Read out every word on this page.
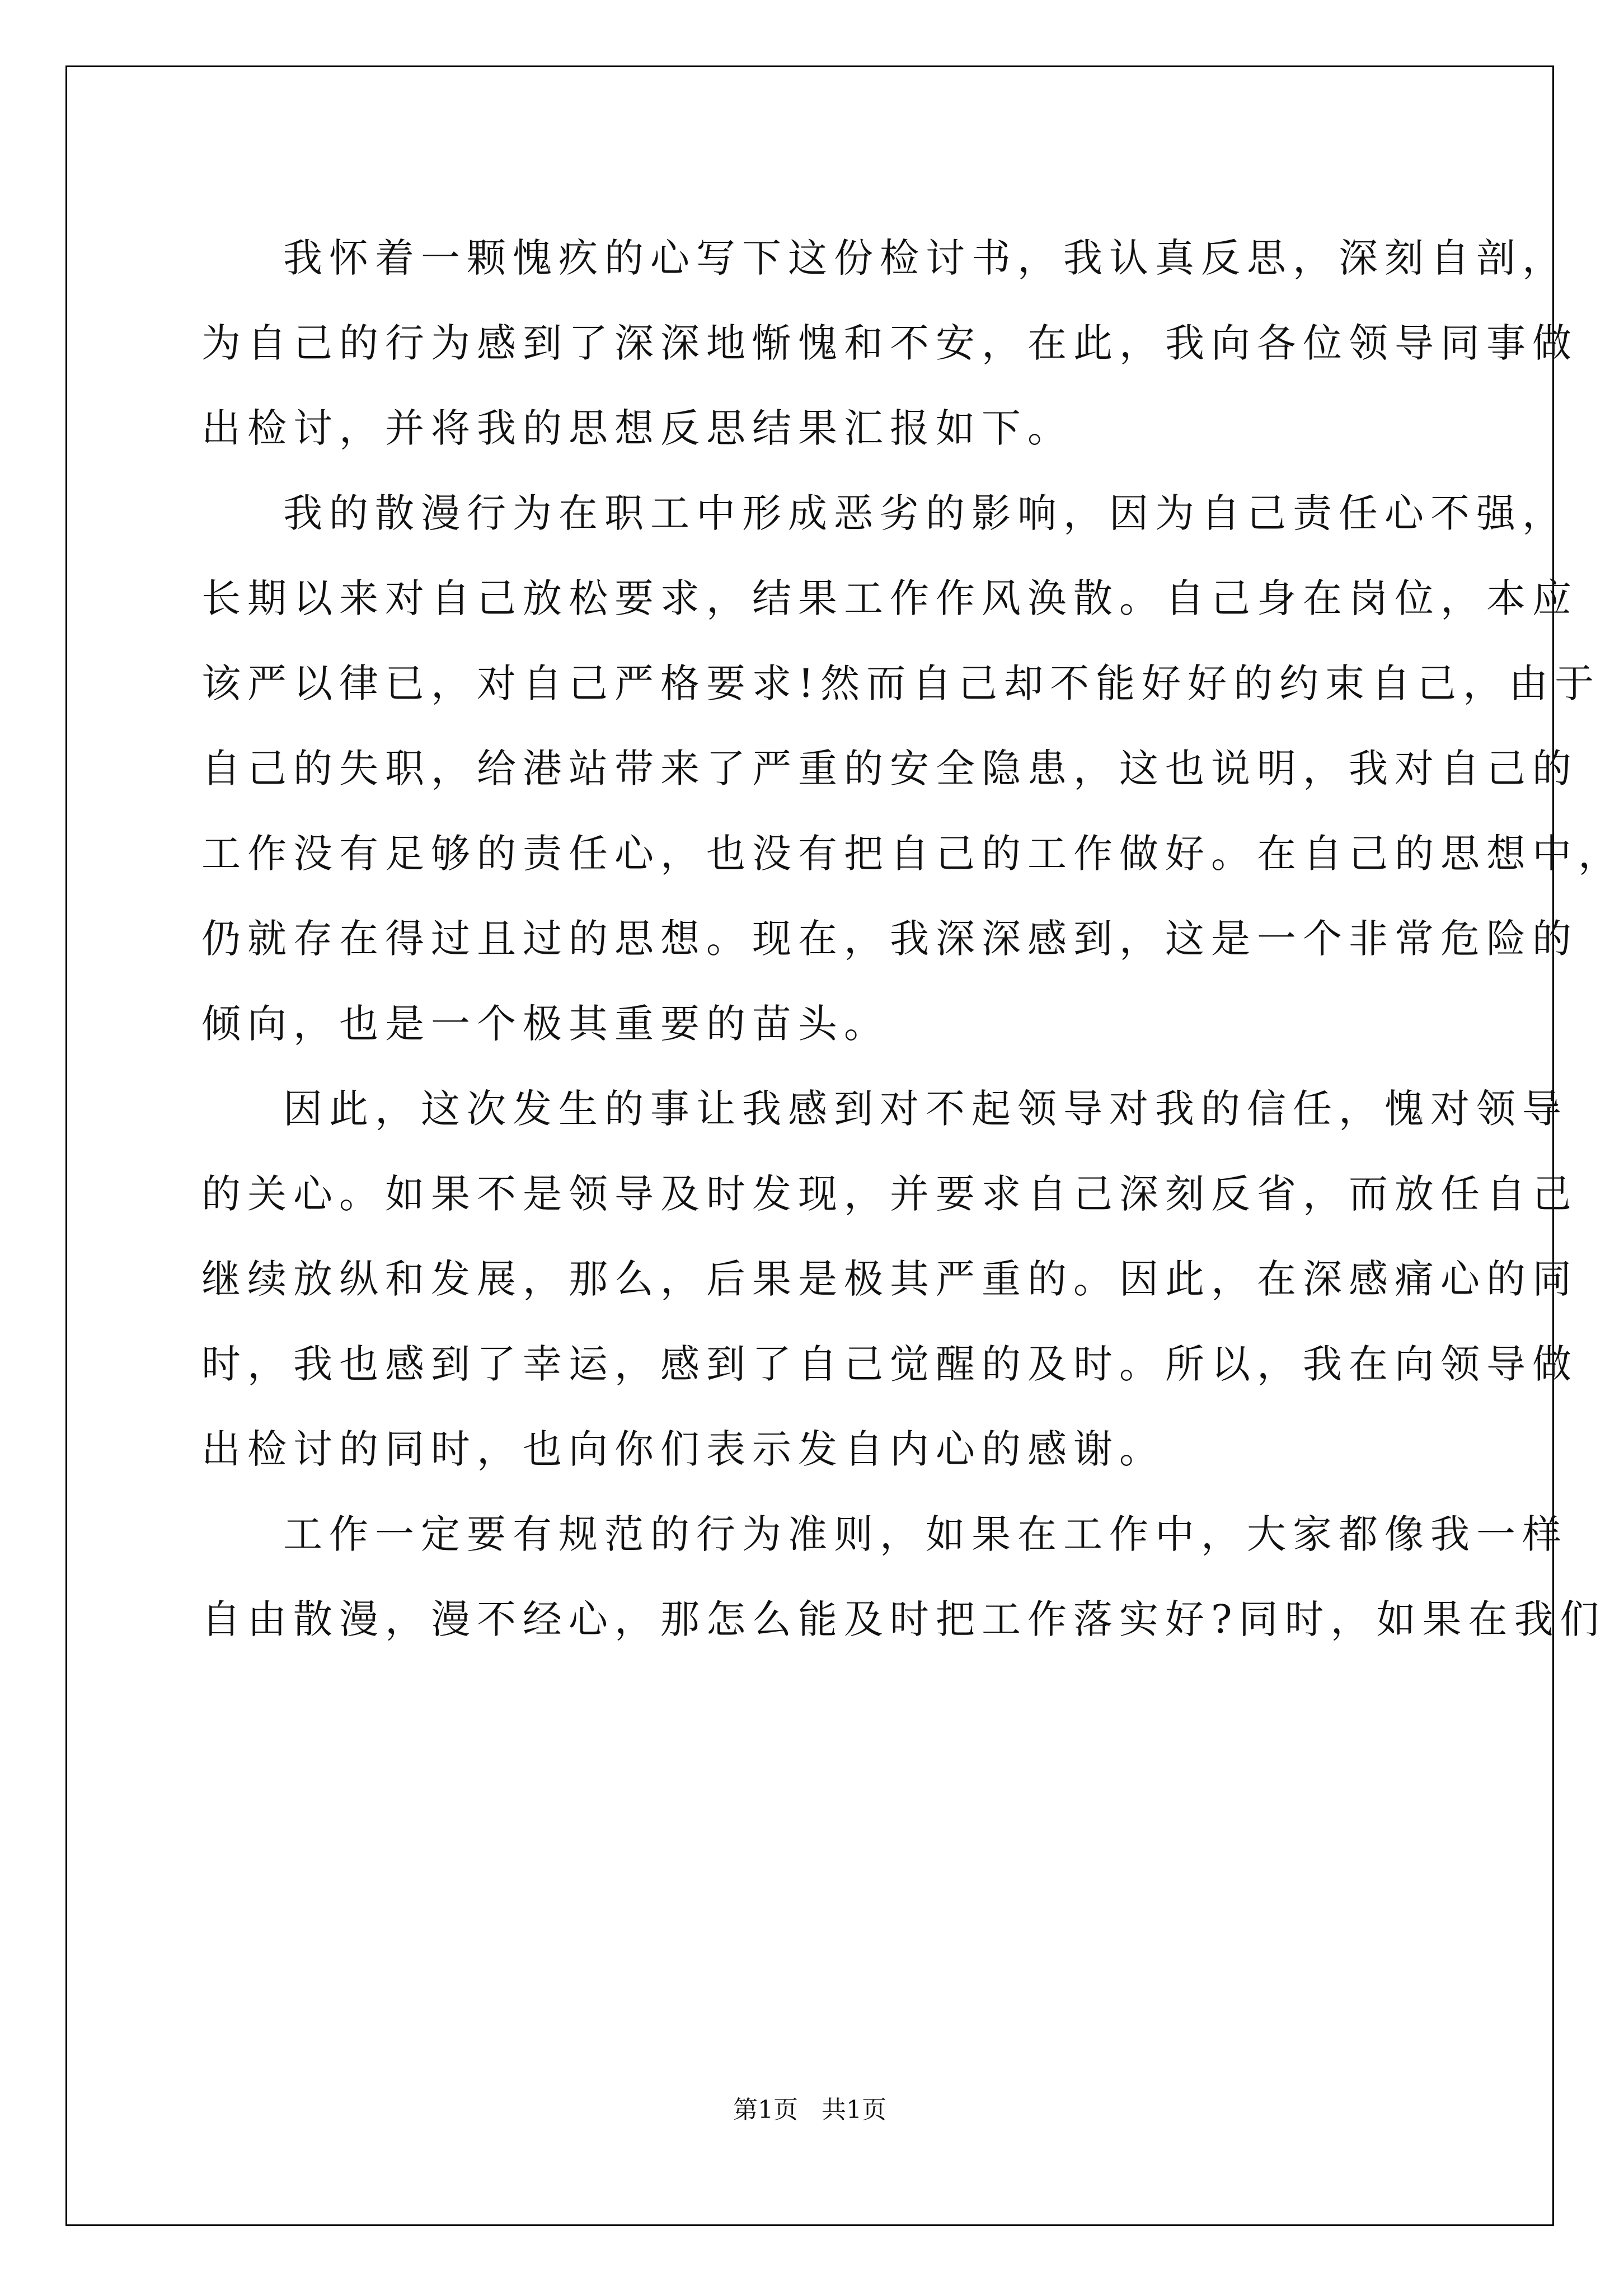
我怀着一颗愧疚的心写下这份检讨书，我认真反思，深刻自剖，
为自己的行为感到了深深地惭愧和不安，在此，我向各位领导同事做
出检讨，并将我的思想反思结果汇报如下。
我的散漫行为在职工中形成恶劣的影响，因为自己责任心不强，
长期以来对自己放松要求，结果工作作风涣散。自己身在岗位，本应
该严以律已，对自己严格要求!然而自己却不能好好的约束自己，由于
自己的失职，给港站带来了严重的安全隐患，这也说明，我对自己的
工作没有足够的责任心，也没有把自己的工作做好。在自己的思想中，
仍就存在得过且过的思想。现在，我深深感到，这是一个非常危险的
倾向，也是一个极其重要的苗头。
因此，这次发生的事让我感到对不起领导对我的信任，愧对领导
的关心。如果不是领导及时发现，并要求自己深刻反省，而放任自己
继续放纵和发展，那么，后果是极其严重的。因此，在深感痛心的同
时，我也感到了幸运，感到了自己觉醒的及时。所以，我在向领导做
出检讨的同时，也向你们表示发自内心的感谢。
工作一定要有规范的行为准则，如果在工作中，大家都像我一样
自由散漫，漫不经心，那怎么能及时把工作落实好?同时，如果在我们
第1页   共1页
